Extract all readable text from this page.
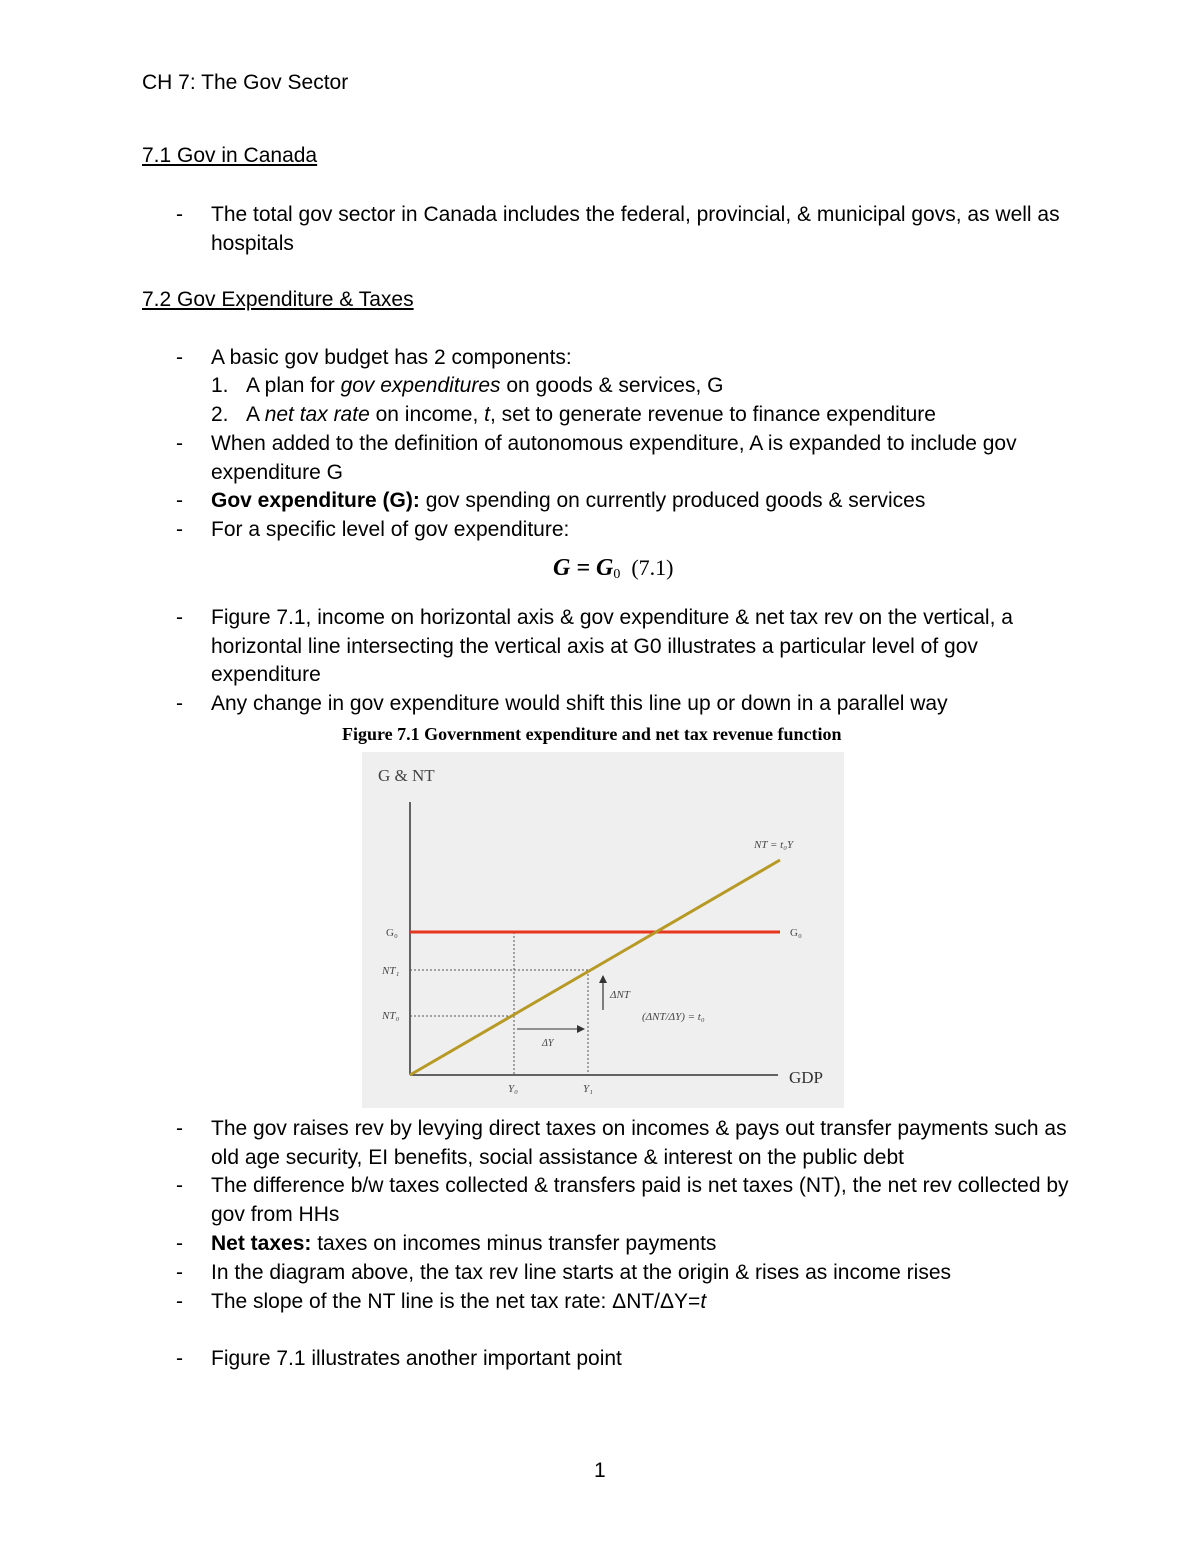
CH 7: The Gov Sector
7.1 Gov in Canada
- The total gov sector in Canada includes the federal, provincial, & municipal govs, as well as hospitals
7.2 Gov Expenditure & Taxes
- A basic gov budget has 2 components:
1. A plan for gov expenditures on goods & services, G
2. A net tax rate on income, t, set to generate revenue to finance expenditure
- When added to the definition of autonomous expenditure, A is expanded to include gov expenditure G
- Gov expenditure (G): gov spending on currently produced goods & services
- For a specific level of gov expenditure:
G = G0 (7.1)
- Figure 7.1, income on horizontal axis & gov expenditure & net tax rev on the vertical, a horizontal line intersecting the vertical axis at G0 illustrates a particular level of gov expenditure
- Any change in gov expenditure would shift this line up or down in a parallel way
Figure 7.1 Government expenditure and net tax revenue function
G & NT
GDP
NT = t₀Y
G₀
G₀
NT₁
NT₀
Y₀	Y₁
ΔNT
ΔY
(ΔNT/ΔY) = t₀
- The gov raises rev by levying direct taxes on incomes & pays out transfer payments such as old age security, EI benefits, social assistance & interest on the public debt
- The difference b/w taxes collected & transfers paid is net taxes (NT), the net rev collected by gov from HHs
- Net taxes: taxes on incomes minus transfer payments
- In the diagram above, the tax rev line starts at the origin & rises as income rises
- The slope of the NT line is the net tax rate: ΔNT/ΔY=t
- Figure 7.1 illustrates another important point
1
